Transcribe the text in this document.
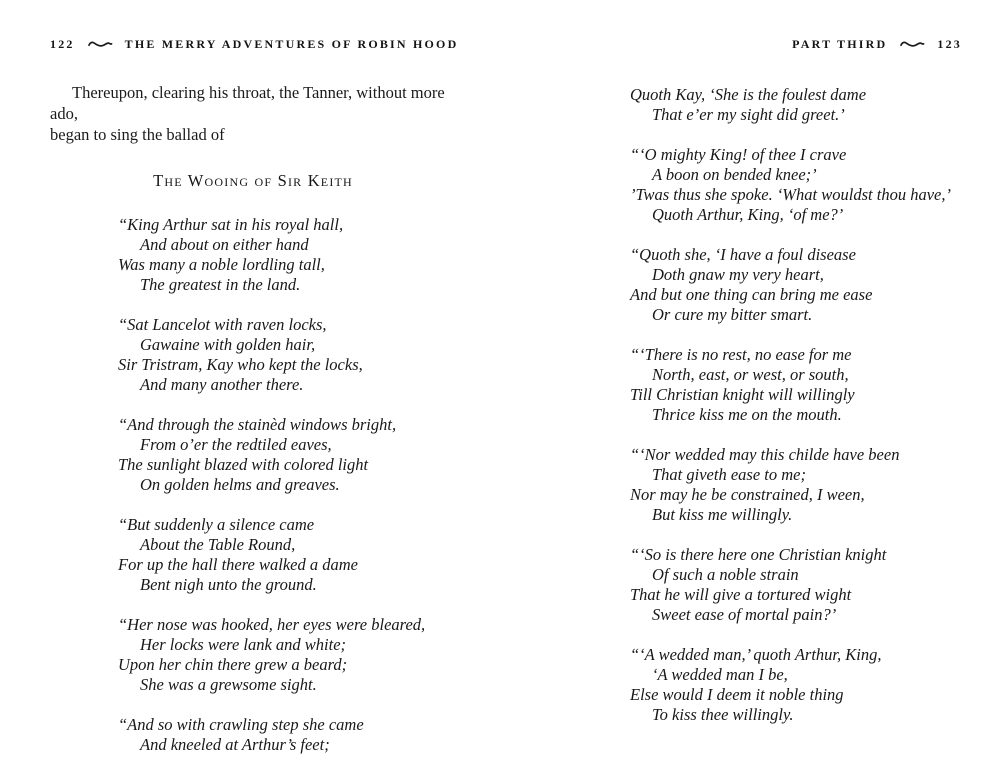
122	THE MERRY ADVENTURES OF ROBIN HOOD
Thereupon, clearing his throat, the Tanner, without more ado,
began to sing the ballad of
The Wooing of Sir Keith
“King Arthur sat in his royal hall,
And about on either hand
Was many a noble lordling tall,
The greatest in the land.
“Sat Lancelot with raven locks,
Gawaine with golden hair,
Sir Tristram, Kay who kept the locks,
And many another there.
“And through the stainèd windows bright,
From o’er the redtiled eaves,
The sunlight blazed with colored light
On golden helms and greaves.
“But suddenly a silence came
About the Table Round,
For up the hall there walked a dame
Bent nigh unto the ground.
“Her nose was hooked, her eyes were bleared,
Her locks were lank and white;
Upon her chin there grew a beard;
She was a grewsome sight.
“And so with crawling step she came
And kneeled at Arthur’s feet;
PART THIRD	123
Quoth Kay, ‘She is the foulest dame
That e’er my sight did greet.’
“‘O mighty King! of thee I crave
A boon on bended knee;’
’Twas thus she spoke. ‘What wouldst thou have,’
Quoth Arthur, King, ‘of me?’
“Quoth she, ‘I have a foul disease
Doth gnaw my very heart,
And but one thing can bring me ease
Or cure my bitter smart.
“‘There is no rest, no ease for me
North, east, or west, or south,
Till Christian knight will willingly
Thrice kiss me on the mouth.
“‘Nor wedded may this childe have been
That giveth ease to me;
Nor may he be constrained, I ween,
But kiss me willingly.
“‘So is there here one Christian knight
Of such a noble strain
That he will give a tortured wight
Sweet ease of mortal pain?’
“‘A wedded man,’ quoth Arthur, King,
‘A wedded man I be,
Else would I deem it noble thing
To kiss thee willingly.
